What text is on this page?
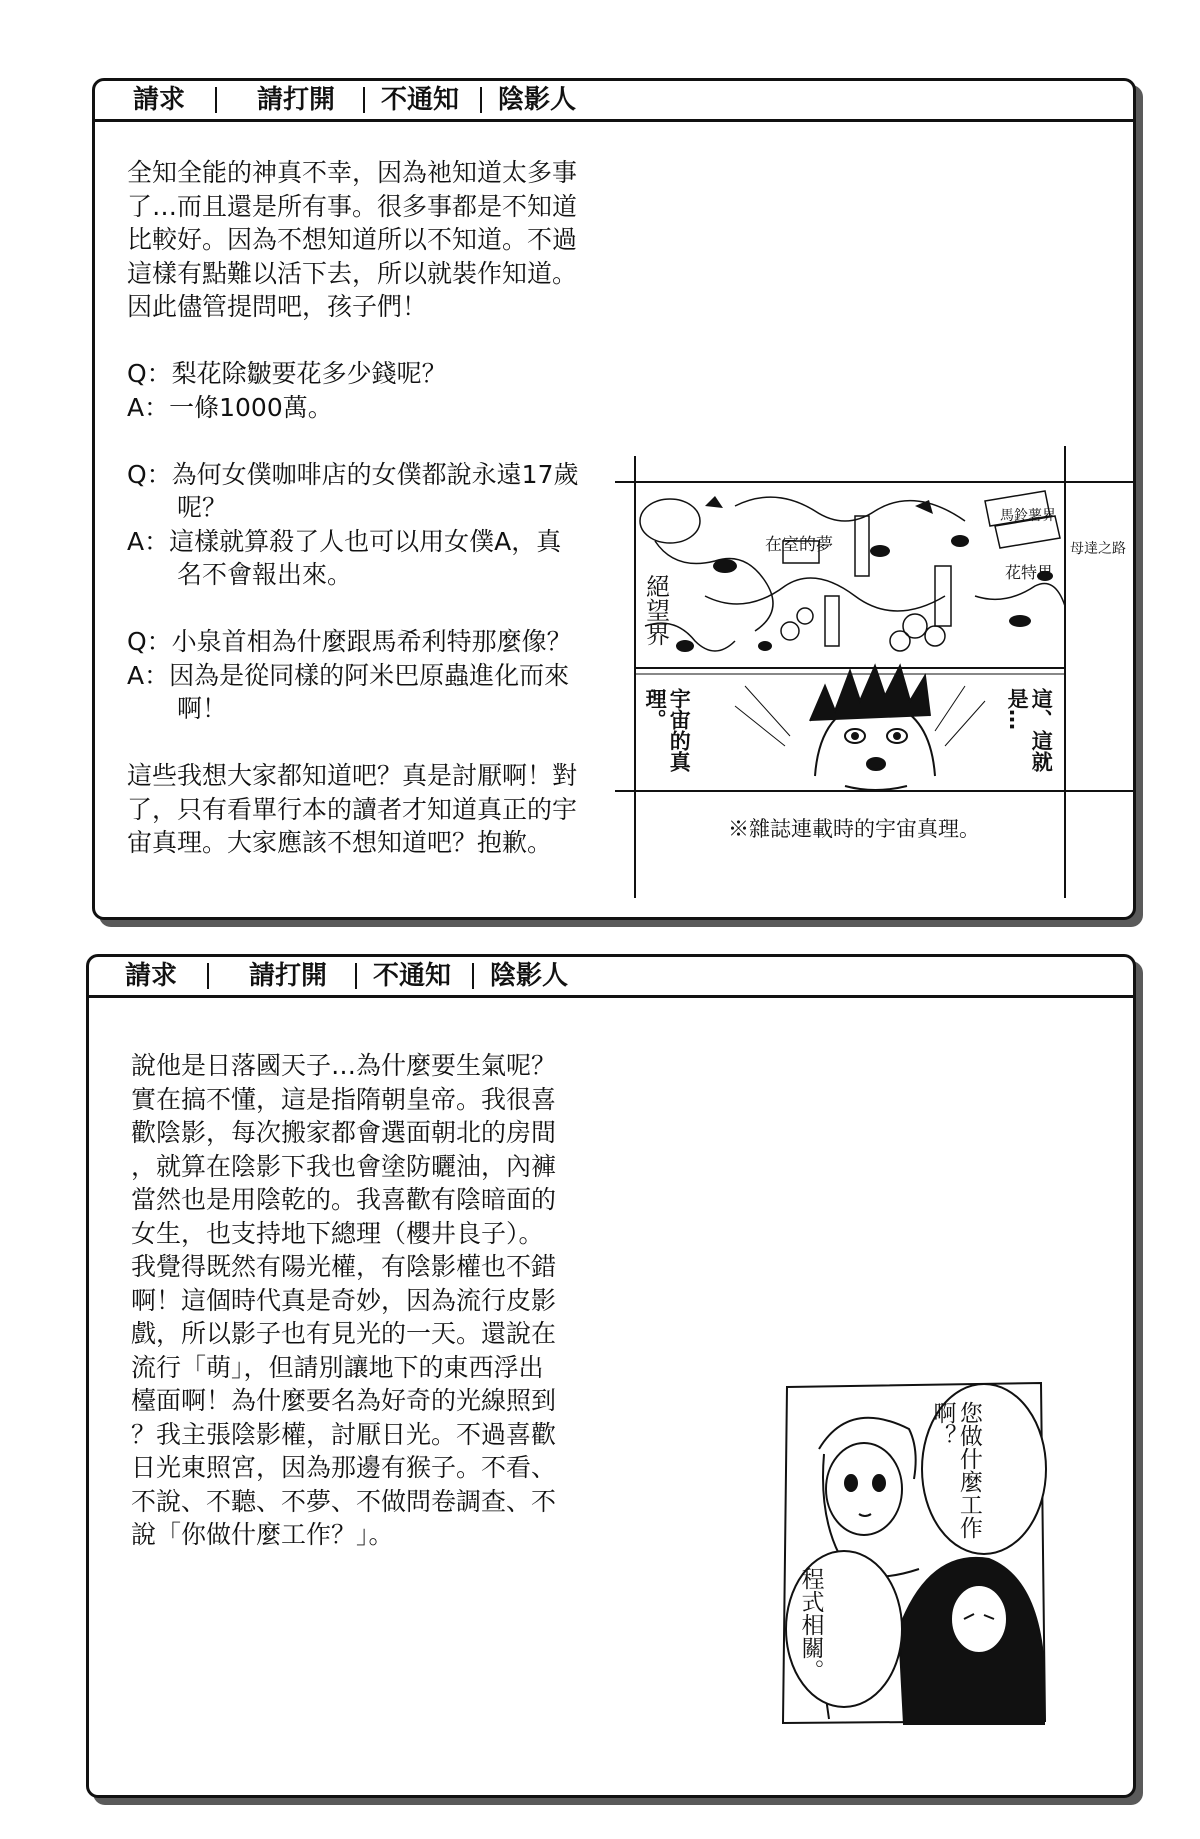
請求	請打開 不通知 陰影人
全知全能的神真不幸，因為祂知道太多事
了…而且還是所有事。很多事都是不知道
比較好。因為不想知道所以不知道。不過
這樣有點難以活下去，所以就裝作知道。
因此儘管提問吧，孩子們！

Q：梨花除皺要花多少錢呢？
A：一條1000萬。

Q：為何女僕咖啡店的女僕都說永遠17歲
　　呢？
A：這樣就算殺了人也可以用女僕A，真
　　名不會報出來。

Q：小泉首相為什麼跟馬希利特那麼像？
A：因為是從同樣的阿米巴原蟲進化而來
　　啊！

這些我想大家都知道吧？真是討厭啊！對
了，只有看單行本的讀者才知道真正的宇
宙真理。大家應該不想知道吧？抱歉。
絕望界
在室的夢
花特界
馬鈴薯界
母達之路
宇宙的真理。	這、這就是…
※雜誌連載時的宇宙真理。
請求	請打開 不通知 陰影人
說他是日落國天子…為什麼要生氣呢？
實在搞不懂，這是指隋朝皇帝。我很喜
歡陰影，每次搬家都會選面朝北的房間
，就算在陰影下我也會塗防曬油，內褲
當然也是用陰乾的。我喜歡有陰暗面的
女生，也支持地下總理（櫻井良子）。
我覺得既然有陽光權，有陰影權也不錯
啊！這個時代真是奇妙，因為流行皮影
戲，所以影子也有見光的一天。還說在
流行「萌」，但請別讓地下的東西浮出
檯面啊！為什麼要名為好奇的光線照到
？我主張陰影權，討厭日光。不過喜歡
日光東照宮，因為那邊有猴子。不看、
不說、不聽、不夢、不做問卷調查、不
說「你做什麼工作？」。	您做什麼工作啊？
程式相關。
